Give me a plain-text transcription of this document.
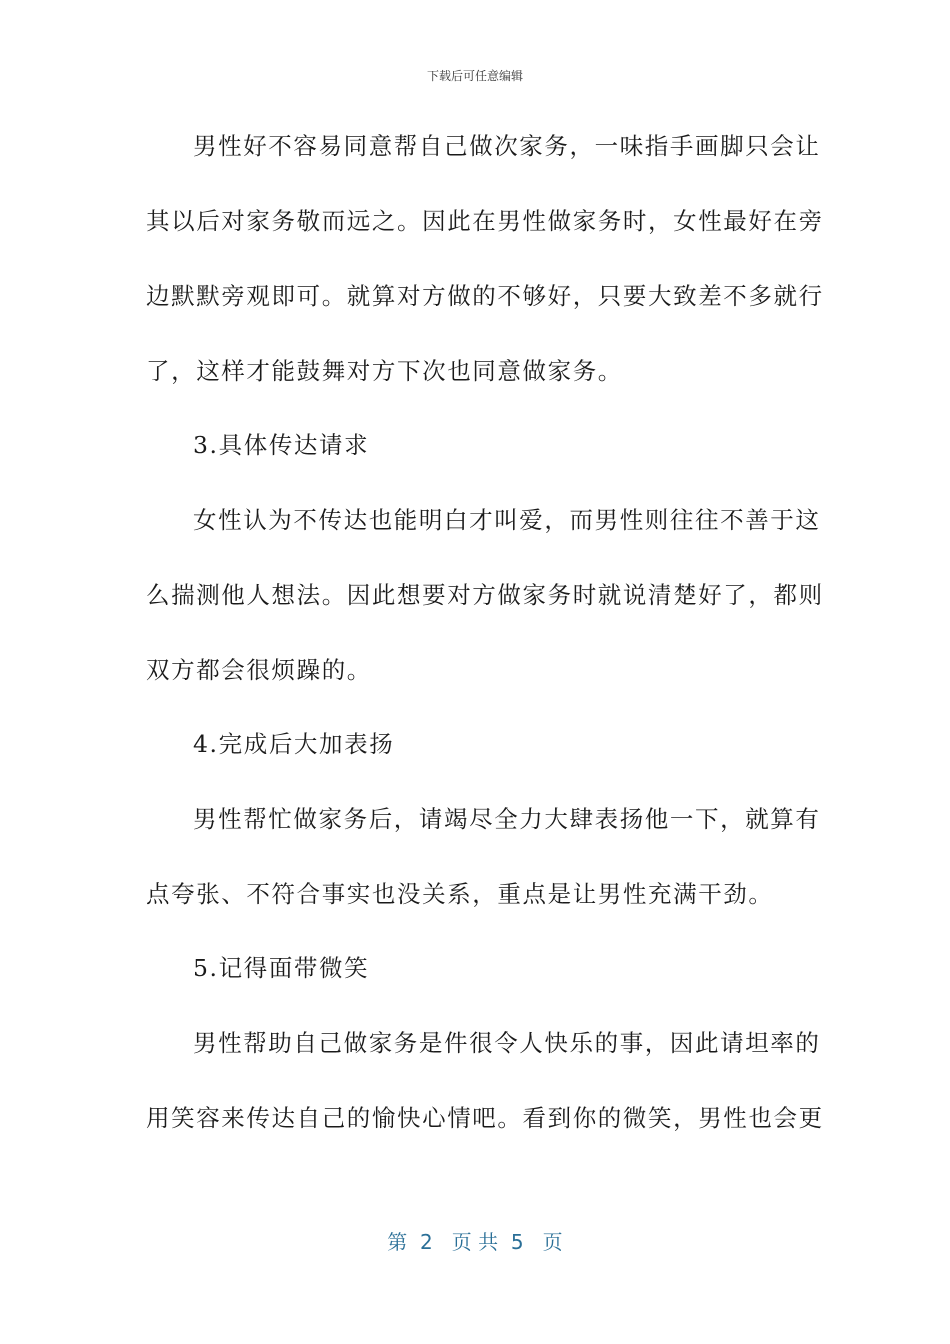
下载后可任意编辑
男性好不容易同意帮自己做次家务，一味指手画脚只会让
其以后对家务敬而远之。因此在男性做家务时，女性最好在旁
边默默旁观即可。就算对方做的不够好，只要大致差不多就行
了，这样才能鼓舞对方下次也同意做家务。
3.具体传达请求
女性认为不传达也能明白才叫爱，而男性则往往不善于这
么揣测他人想法。因此想要对方做家务时就说清楚好了，都则
双方都会很烦躁的。
4.完成后大加表扬
男性帮忙做家务后，请竭尽全力大肆表扬他一下，就算有
点夸张、不符合事实也没关系，重点是让男性充满干劲。
5.记得面带微笑
男性帮助自己做家务是件很令人快乐的事，因此请坦率的
用笑容来传达自己的愉快心情吧。看到你的微笑，男性也会更
第  2   页 共  5   页
